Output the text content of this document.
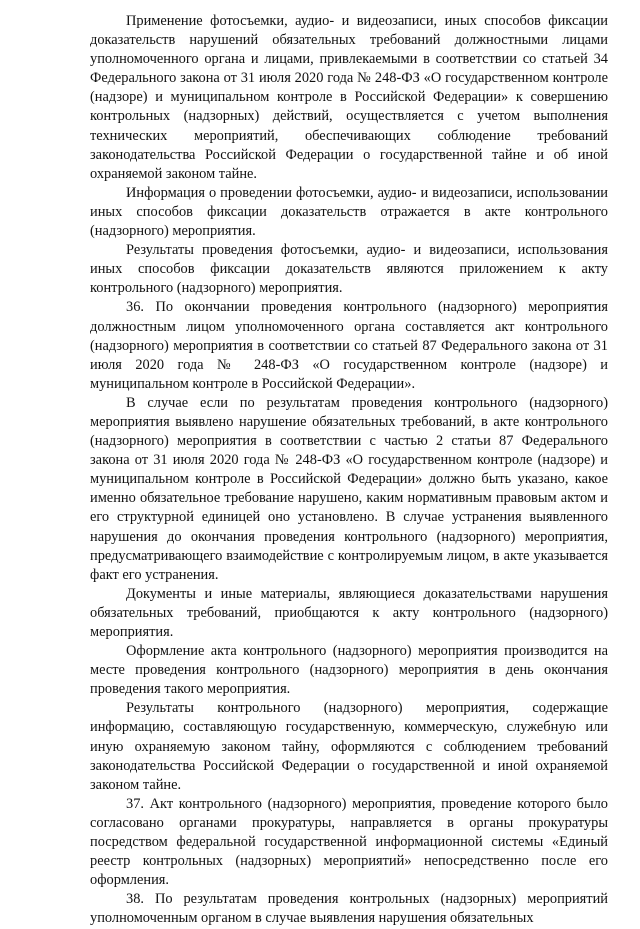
Применение фотосъемки, аудио- и видеозаписи, иных способов фиксации доказательств нарушений обязательных требований должностными лицами уполномоченного органа и лицами, привлекаемыми в соответствии со статьей 34 Федерального закона от 31 июля 2020 года № 248-ФЗ «О государственном контроле (надзоре) и муниципальном контроле в Российской Федерации» к совершению контрольных (надзорных) действий, осуществляется с учетом выполнения технических мероприятий, обеспечивающих соблюдение требований законодательства Российской Федерации о государственной тайне и об иной охраняемой законом тайне.

Информация о проведении фотосъемки, аудио- и видеозаписи, использовании иных способов фиксации доказательств отражается в акте контрольного (надзорного) мероприятия.

Результаты проведения фотосъемки, аудио- и видеозаписи, использования иных способов фиксации доказательств являются приложением к акту контрольного (надзорного) мероприятия.

36. По окончании проведения контрольного (надзорного) мероприятия должностным лицом уполномоченного органа составляется акт контрольного (надзорного) мероприятия в соответствии со статьей 87 Федерального закона от 31 июля 2020 года № 248-ФЗ «О государственном контроле (надзоре) и муниципальном контроле в Российской Федерации».

В случае если по результатам проведения контрольного (надзорного) мероприятия выявлено нарушение обязательных требований, в акте контрольного (надзорного) мероприятия в соответствии с частью 2 статьи 87 Федерального закона от 31 июля 2020 года № 248-ФЗ «О государственном контроле (надзоре) и муниципальном контроле в Российской Федерации» должно быть указано, какое именно обязательное требование нарушено, каким нормативным правовым актом и его структурной единицей оно установлено. В случае устранения выявленного нарушения до окончания проведения контрольного (надзорного) мероприятия, предусматривающего взаимодействие с контролируемым лицом, в акте указывается факт его устранения.

Документы и иные материалы, являющиеся доказательствами нарушения обязательных требований, приобщаются к акту контрольного (надзорного) мероприятия.

Оформление акта контрольного (надзорного) мероприятия производится на месте проведения контрольного (надзорного) мероприятия в день окончания проведения такого мероприятия.

Результаты контрольного (надзорного) мероприятия, содержащие информацию, составляющую государственную, коммерческую, служебную или иную охраняемую законом тайну, оформляются с соблюдением требований законодательства Российской Федерации о государственной и иной охраняемой законом тайне.

37. Акт контрольного (надзорного) мероприятия, проведение которого было согласовано органами прокуратуры, направляется в органы прокуратуры посредством федеральной государственной информационной системы «Единый реестр контрольных (надзорных) мероприятий» непосредственно после его оформления.

38. По результатам проведения контрольных (надзорных) мероприятий уполномоченным органом в случае выявления нарушения обязательных
